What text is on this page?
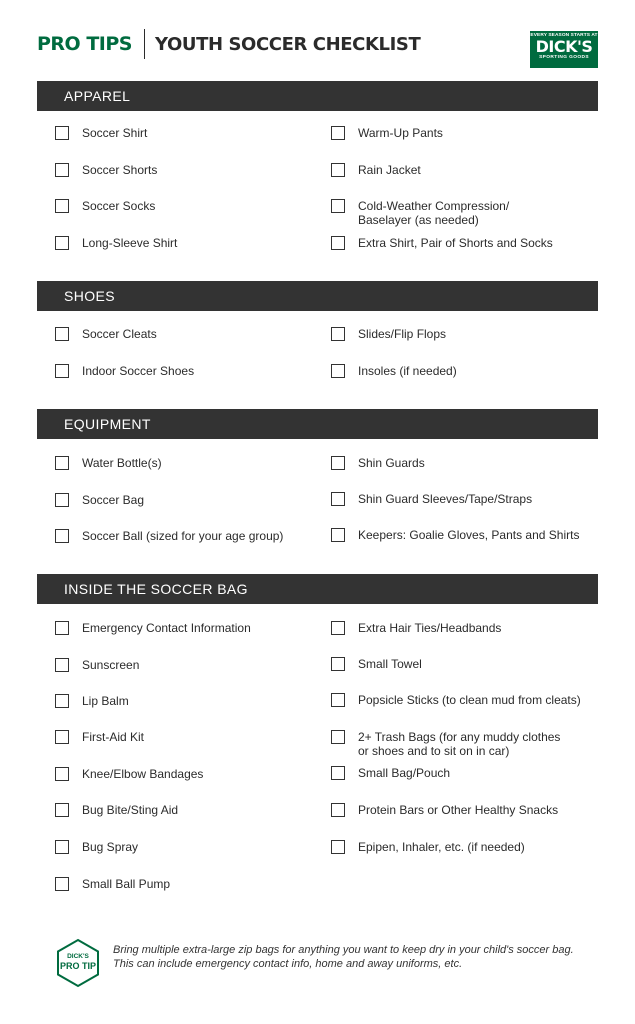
PRO TIPS YOUTH SOCCER CHECKLIST	EVERY SEASON STARTS AT
DICK'S
SPORTING GOODS
APPAREL
Soccer Shirt
Soccer Shorts
Soccer Socks
Long-Sleeve Shirt
Warm-Up Pants
Rain Jacket
Cold-Weather Compression/
Baselayer (as needed)
Extra Shirt, Pair of Shorts and Socks
SHOES
Soccer Cleats
Indoor Soccer Shoes
Slides/Flip Flops
Insoles (if needed)
EQUIPMENT
Water Bottle(s)
Soccer Bag
Soccer Ball (sized for your age group)
Shin Guards
Shin Guard Sleeves/Tape/Straps
Keepers: Goalie Gloves, Pants and Shirts
INSIDE THE SOCCER BAG
Emergency Contact Information
Sunscreen
Lip Balm
First-Aid Kit
Knee/Elbow Bandages
Bug Bite/Sting Aid
Bug Spray
Small Ball Pump
Extra Hair Ties/Headbands
Small Towel
Popsicle Sticks (to clean mud from cleats)
2+ Trash Bags (for any muddy clothes
or shoes and to sit on in car)
Small Bag/Pouch
Protein Bars or Other Healthy Snacks
Epipen, Inhaler, etc. (if needed)
DICK'S
PRO TIP
Bring multiple extra-large zip bags for anything you want to keep dry in your child's soccer bag. This can include emergency contact info, home and away uniforms, etc.
